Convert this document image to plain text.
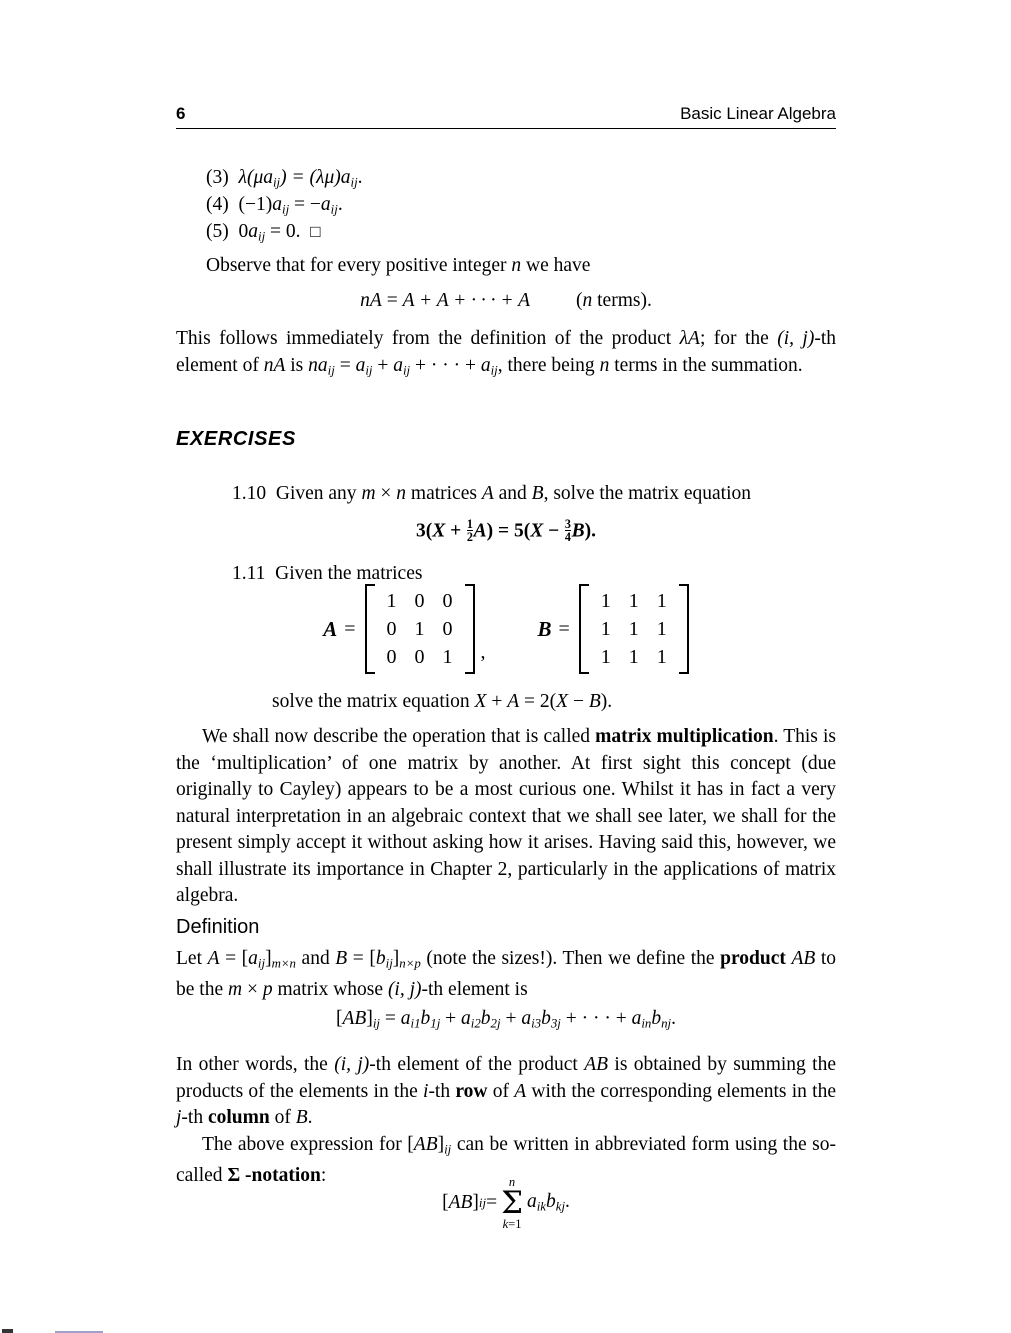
6	Basic Linear Algebra
(3) $\lambda(\mu a_{ij}) = (\lambda\mu)a_{ij}$.
(4) $(-1)a_{ij} = -a_{ij}$.
(5) $0a_{ij} = 0$. □
Observe that for every positive integer n we have
nA = A + A + · · · + A (n terms).
This follows immediately from the definition of the product λA; for the (i, j)-th element of nA is $na_{ij} = a_{ij} + a_{ij}$ + · · · + $a_{ij}$, there being n terms in the summation.
EXERCISES
1.10 Given any m × n matrices A and B, solve the matrix equation
$3(X + \frac{1}{2} A) = 5(X - \frac{3}{4} B)$.
1.11 Given the matrices
A =
1	0	0
0	1	0
0	0	1 ,
B =
1	1	1
1	1	1
1	1	1
solve the matrix equation X + A = 2(X − B).
We shall now describe the operation that is called matrix multiplication. This is the ‘multiplication’ of one matrix by another. At first sight this concept (due originally to Cayley) appears to be a most curious one. Whilst it has in fact a very natural interpretation in an algebraic context that we shall see later, we shall for the present simply accept it without asking how it arises. Having said this, however, we shall illustrate its importance in Chapter 2, particularly in the applications of matrix algebra.
Definition
Let $A = [a_{ij}]_{m\times n}$ and $B = [b_{ij}]_{n\times p}$ (note the sizes!). Then we define the product AB to be the m × p matrix whose (i, j)-th element is
$[AB]_{ij} = a_{i1}b_{1j} + a_{i2}b_{2j} + a_{i3}b_{3j}$ + · · · + $a_{in}b_{nj}$.
In other words, the (i, j)-th element of the product AB is obtained by summing the products of the elements in the i-th row of A with the corresponding elements in the j-th column of B.
The above expression for $[AB]_{ij}$ can be written in abbreviated form using the so-called Σ -notation:
[ AB ] ij =
n
Σ
k=1
$a_{ik}b_{kj}$.
